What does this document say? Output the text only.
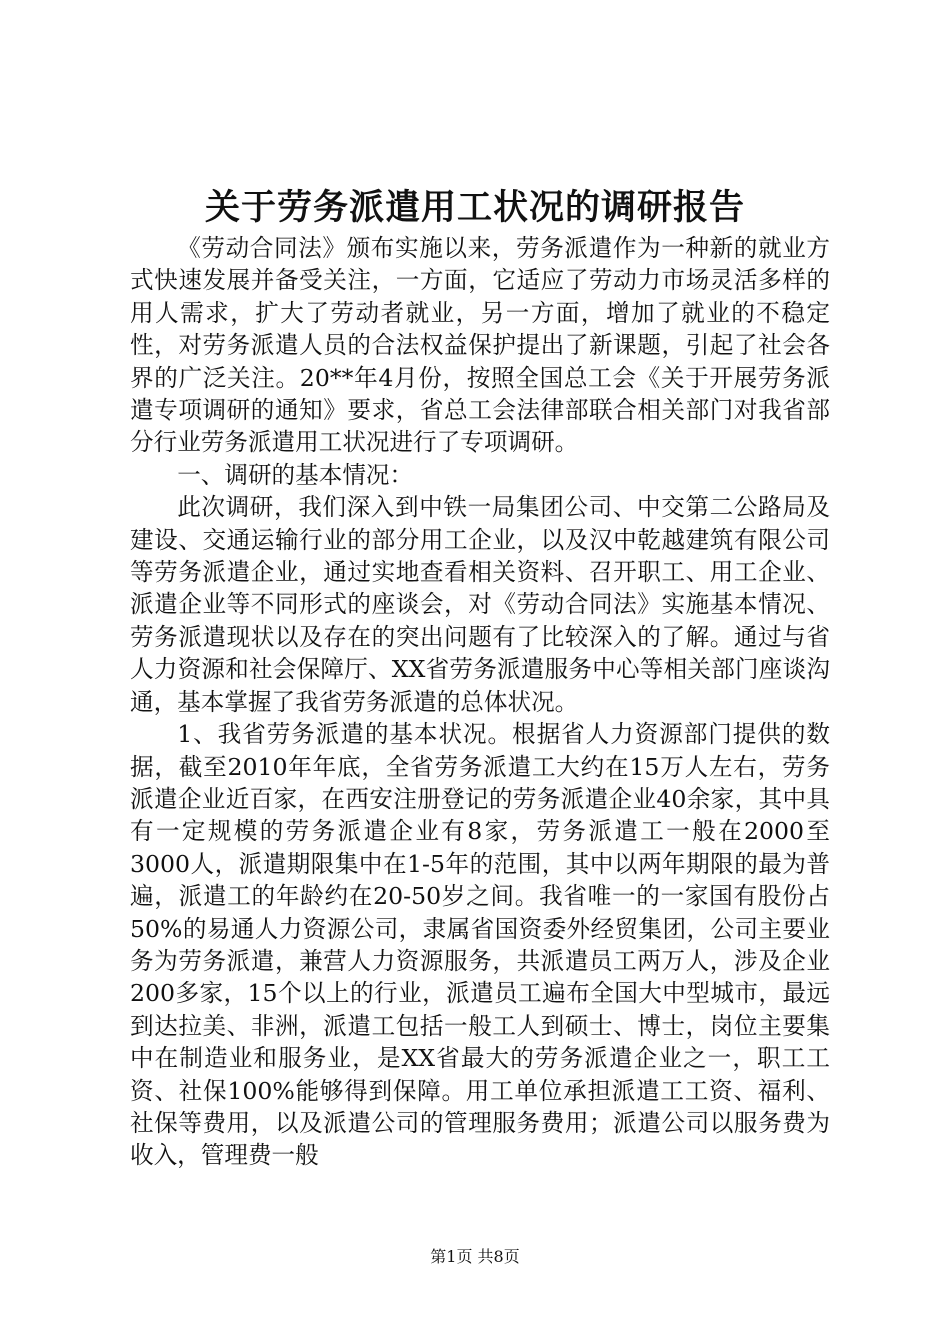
关于劳务派遣用工状况的调研报告

《劳动合同法》颁布实施以来，劳务派遣作为一种新的就业方式快速发展并备受关注，一方面，它适应了劳动力市场灵活多样的用人需求，扩大了劳动者就业，另一方面，增加了就业的不稳定性，对劳务派遣人员的合法权益保护提出了新课题，引起了社会各界的广泛关注。20**年4月份，按照全国总工会《关于开展劳务派遣专项调研的通知》要求，省总工会法律部联合相关部门对我省部分行业劳务派遣用工状况进行了专项调研。

一、调研的基本情况：

此次调研，我们深入到中铁一局集团公司、中交第二公路局及建设、交通运输行业的部分用工企业，以及汉中乾越建筑有限公司等劳务派遣企业，通过实地查看相关资料、召开职工、用工企业、派遣企业等不同形式的座谈会，对《劳动合同法》实施基本情况、劳务派遣现状以及存在的突出问题有了比较深入的了解。通过与省人力资源和社会保障厅、XX省劳务派遣服务中心等相关部门座谈沟通，基本掌握了我省劳务派遣的总体状况。

1、我省劳务派遣的基本状况。根据省人力资源部门提供的数据，截至2010年年底，全省劳务派遣工大约在15万人左右，劳务派遣企业近百家，在西安注册登记的劳务派遣企业40余家，其中具有一定规模的劳务派遣企业有8家，劳务派遣工一般在2000至3000人，派遣期限集中在1-5年的范围，其中以两年期限的最为普遍，派遣工的年龄约在20-50岁之间。我省唯一的一家国有股份占50%的易通人力资源公司，隶属省国资委外经贸集团，公司主要业务为劳务派遣，兼营人力资源服务，共派遣员工两万人，涉及企业200多家，15个以上的行业，派遣员工遍布全国大中型城市，最远到达拉美、非洲，派遣工包括一般工人到硕士、博士，岗位主要集中在制造业和服务业，是XX省最大的劳务派遣企业之一，职工工资、社保100%能够得到保障。用工单位承担派遣工工资、福利、社保等费用，以及派遣公司的管理服务费用；派遣公司以服务费为收入，管理费一般

第1页 共8页
